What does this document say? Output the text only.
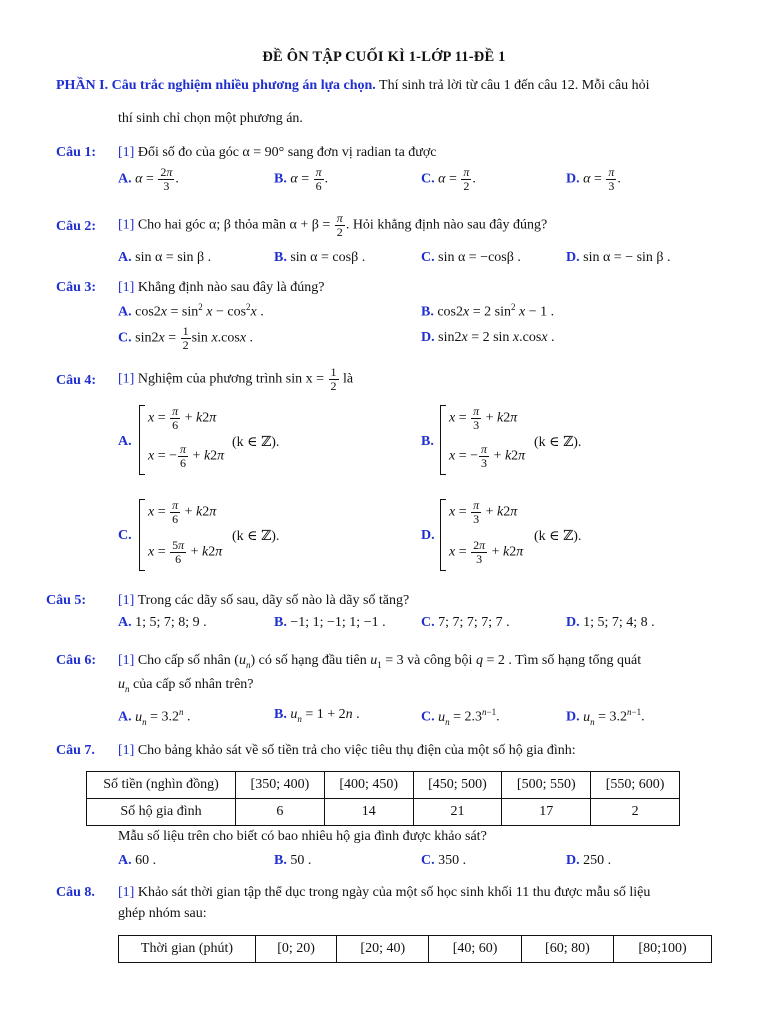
ĐỀ ÔN TẬP CUỐI KÌ 1-LỚP 11-ĐỀ 1
PHẦN I. Câu trắc nghiệm nhiều phương án lựa chọn. Thí sinh trả lời từ câu 1 đến câu 12. Mỗi câu hỏi
thí sinh chỉ chọn một phương án.
Câu 1: [1] Đổi số đo của góc α = 90° sang đơn vị radian ta được
A. $\alpha = \frac{2\pi}{3}$ .	B. $\alpha = \frac{\pi}{6}$ .	C. $\alpha = \frac{\pi}{2}$ .	D. $\alpha = \frac{\pi}{3}$ .
Câu 2: [1] Cho hai góc α; β thỏa mãn $\alpha + \beta = \frac{\pi}{2}$ . Hỏi khẳng định nào sau đây đúng?
A. sin α = sin β .	B. sin α = cosβ .	C. sin α = −cosβ .	D. sin α = − sin β .
Câu 3: [1] Khẳng định nào sau đây là đúng?
A. $\cos 2x = \sin^2 x - \cos^2x$ .	B. cos2x = 2 $\sin^2 x - 1$ .
C. $\sin 2x = \frac{1}{2}$ sin x.cosx .	D. sin2x = 2 sin x.cosx .
Câu 4: [1] Nghiệm của phương trình $\sin x = \frac{1}{2}$ là
A.
$x = \frac{\pi}{6} + k2\pi$
x = − $\frac{\pi}{6} + k2\pi$
(k ∈ ℤ).	B.
$x = \frac{\pi}{3} + k2\pi$
x = − $\frac{\pi}{3} + k2\pi$
(k ∈ ℤ).
C.
$x = \frac{\pi}{6} + k2\pi$
$x = \frac{5\pi}{6} + k2\pi$
(k ∈ ℤ).	D.
$x = \frac{\pi}{3} + k2\pi$
$x = \frac{2\pi}{3} + k2\pi$
(k ∈ ℤ).
Câu 5: [1] Trong các dãy số sau, dãy số nào là dãy số tăng?
A. 1; 5; 7; 8; 9 .	B. −1; 1; −1; 1; −1 .	C. 7; 7; 7; 7; 7 .	D. 1; 5; 7; 4; 8 .
Câu 6: [1] Cho cấp số nhân $(u_n)$ có số hạng đầu tiên $u_1 = 3$ và công bội q = 2 . Tìm số hạng tổng quát
$u_n$ của cấp số nhân trên?
A. $u_n = 3.2^n$ .	B. $u_n = 1 + 2n$ .	C. $u_n = 2.3^{n-1}$.	D. $u_n = 3.2^{n-1}$.
Câu 7. [1] Cho bảng khảo sát về số tiền trả cho việc tiêu thụ điện của một số hộ gia đình:
Số tiền (nghìn đồng)	[350; 400)	[400; 450)	[450; 500)	[500; 550)	[550; 600)
Số hộ gia đình	6	14	21	17	2
Mẫu số liệu trên cho biết có bao nhiêu hộ gia đình được khảo sát?
A. 60 .	B. 50 .	C. 350 .	D. 250 .
Câu 8. [1] Khảo sát thời gian tập thể dục trong ngày của một số học sinh khối 11 thu được mẫu số liệu
ghép nhóm sau:
Thời gian (phút)	[0; 20)	[20; 40)	[40; 60)	[60; 80)	[80;100)
